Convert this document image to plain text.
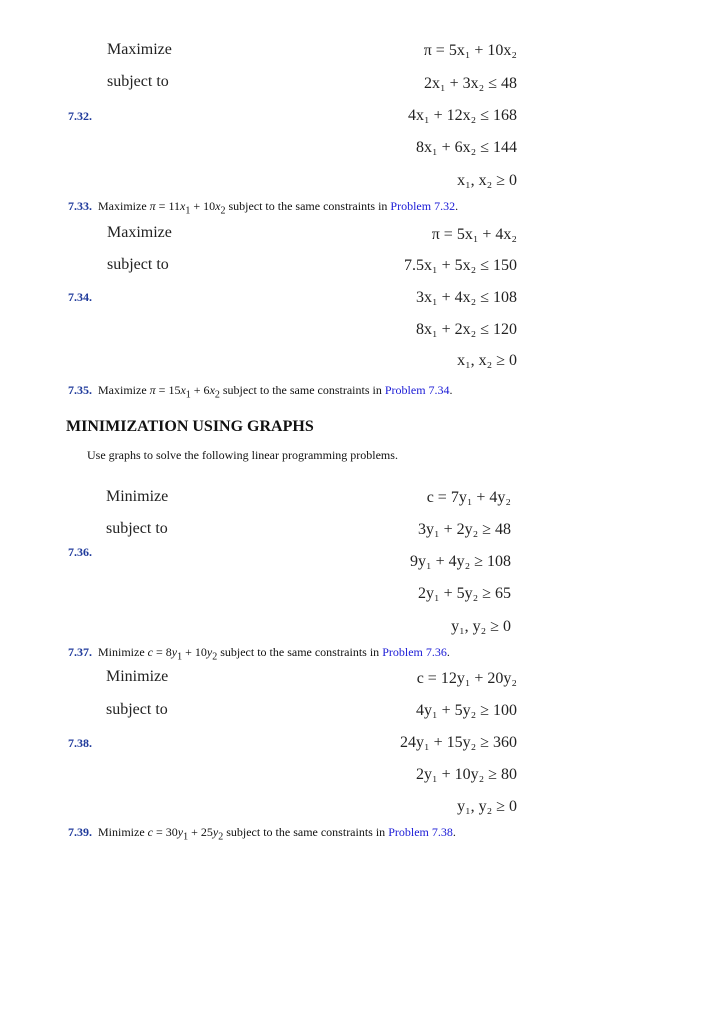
Maximize
subject to
7.32.
π = 5x₁ + 10x₂
2x₁ + 3x₂ ≤ 48
4x₁ + 12x₂ ≤ 168
8x₁ + 6x₂ ≤ 144
x₁, x₂ ≥ 0
7.33. Maximize $\pi = 11x_1 + 10x_2$ subject to the same constraints in Problem 7.32.
Maximize
subject to
7.34.
π = 5x₁ + 4x₂
7.5x₁ + 5x₂ ≤ 150
3x₁ + 4x₂ ≤ 108
8x₁ + 2x₂ ≤ 120
x₁, x₂ ≥ 0
7.35. Maximize $\pi = 15x_1 + 6x_2$ subject to the same constraints in Problem 7.34.
MINIMIZATION USING GRAPHS
Use graphs to solve the following linear programming problems.
Minimize
subject to
7.36.
c = 7y₁ + 4y₂
3y₁ + 2y₂ ≥ 48
9y₁ + 4y₂ ≥ 108
2y₁ + 5y₂ ≥ 65
y₁, y₂ ≥ 0
7.37. Minimize $c = 8y_1 + 10y_2$ subject to the same constraints in Problem 7.36.
Minimize
subject to
7.38.
c = 12y₁ + 20y₂
4y₁ + 5y₂ ≥ 100
24y₁ + 15y₂ ≥ 360
2y₁ + 10y₂ ≥ 80
y₁, y₂ ≥ 0
7.39. Minimize $c = 30y_1 + 25y_2$ subject to the same constraints in Problem 7.38.
